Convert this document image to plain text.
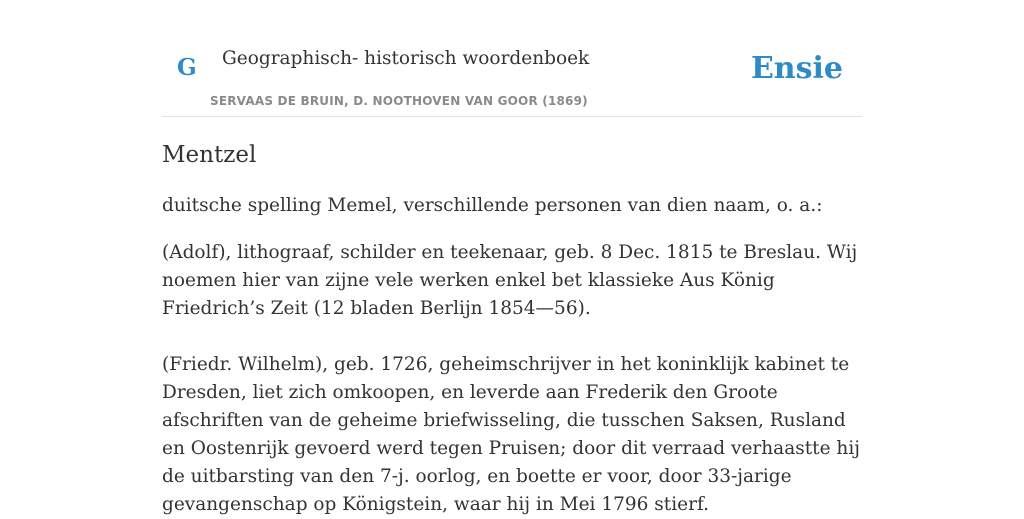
G Geographisch- historisch woordenboek
SERVAAS DE BRUIN, D. NOOTHOVEN VAN GOOR (1869)
Ensie
Mentzel

duitsche spelling Memel, verschillende personen van dien naam, o. a.:

(Adolf), lithograaf, schilder en teekenaar, geb. 8 Dec. 1815 te Breslau. Wij noemen hier van zijne vele werken enkel bet klassieke Aus König Friedrich’s Zeit (12 bladen Berlijn 1854—56).

(Friedr. Wilhelm), geb. 1726, geheimschrijver in het koninklijk kabinet te Dresden, liet zich omkoopen, en leverde aan Frederik den Groote afschriften van de geheime briefwisseling, die tusschen Saksen, Rusland en Oostenrijk gevoerd werd tegen Pruisen; door dit verraad verhaastte hij de uitbarsting van den 7-j. oorlog, en boette er voor, door 33-jarige gevangenschap op Königstein, waar hij in Mei 1796 stierf.
